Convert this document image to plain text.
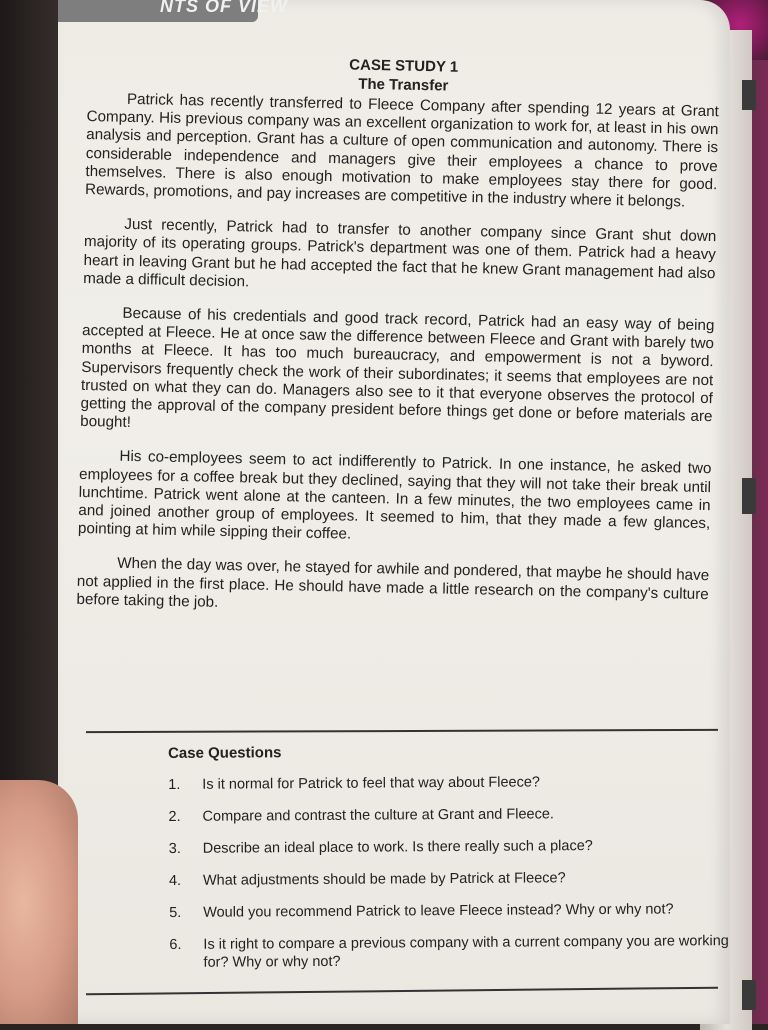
NTS OF VIEW
CASE STUDY 1
The Transfer

Patrick has recently transferred to Fleece Company after spending 12 years at Grant Company. His previous company was an excellent organization to work for, at least in his own analysis and perception. Grant has a culture of open communication and autonomy. There is considerable independence and managers give their employees a chance to prove themselves. There is also enough motivation to make employees stay there for good. Rewards, promotions, and pay increases are competitive in the industry where it belongs.

Just recently, Patrick had to transfer to another company since Grant shut down majority of its operating groups. Patrick's department was one of them. Patrick had a heavy heart in leaving Grant but he had accepted the fact that he knew Grant management had also made a difficult decision.

Because of his credentials and good track record, Patrick had an easy way of being accepted at Fleece. He at once saw the difference between Fleece and Grant with barely two months at Fleece. It has too much bureaucracy, and empowerment is not a byword. Supervisors frequently check the work of their subordinates; it seems that employees are not trusted on what they can do. Managers also see to it that everyone observes the protocol of getting the approval of the company president before things get done or before materials are bought!

His co-employees seem to act indifferently to Patrick. In one instance, he asked two employees for a coffee break but they declined, saying that they will not take their break until lunchtime. Patrick went alone at the canteen. In a few minutes, the two employees came in and joined another group of employees. It seemed to him, that they made a few glances, pointing at him while sipping their coffee.

When the day was over, he stayed for awhile and pondered, that maybe he should have not applied in the first place. He should have made a little research on the company's culture before taking the job.

Case Questions
1.	Is it normal for Patrick to feel that way about Fleece?
2.	Compare and contrast the culture at Grant and Fleece.
3.	Describe an ideal place to work. Is there really such a place?
4.	What adjustments should be made by Patrick at Fleece?
5.	Would you recommend Patrick to leave Fleece instead? Why or why not?
6.	Is it right to compare a previous company with a current company you are working for? Why or why not?
